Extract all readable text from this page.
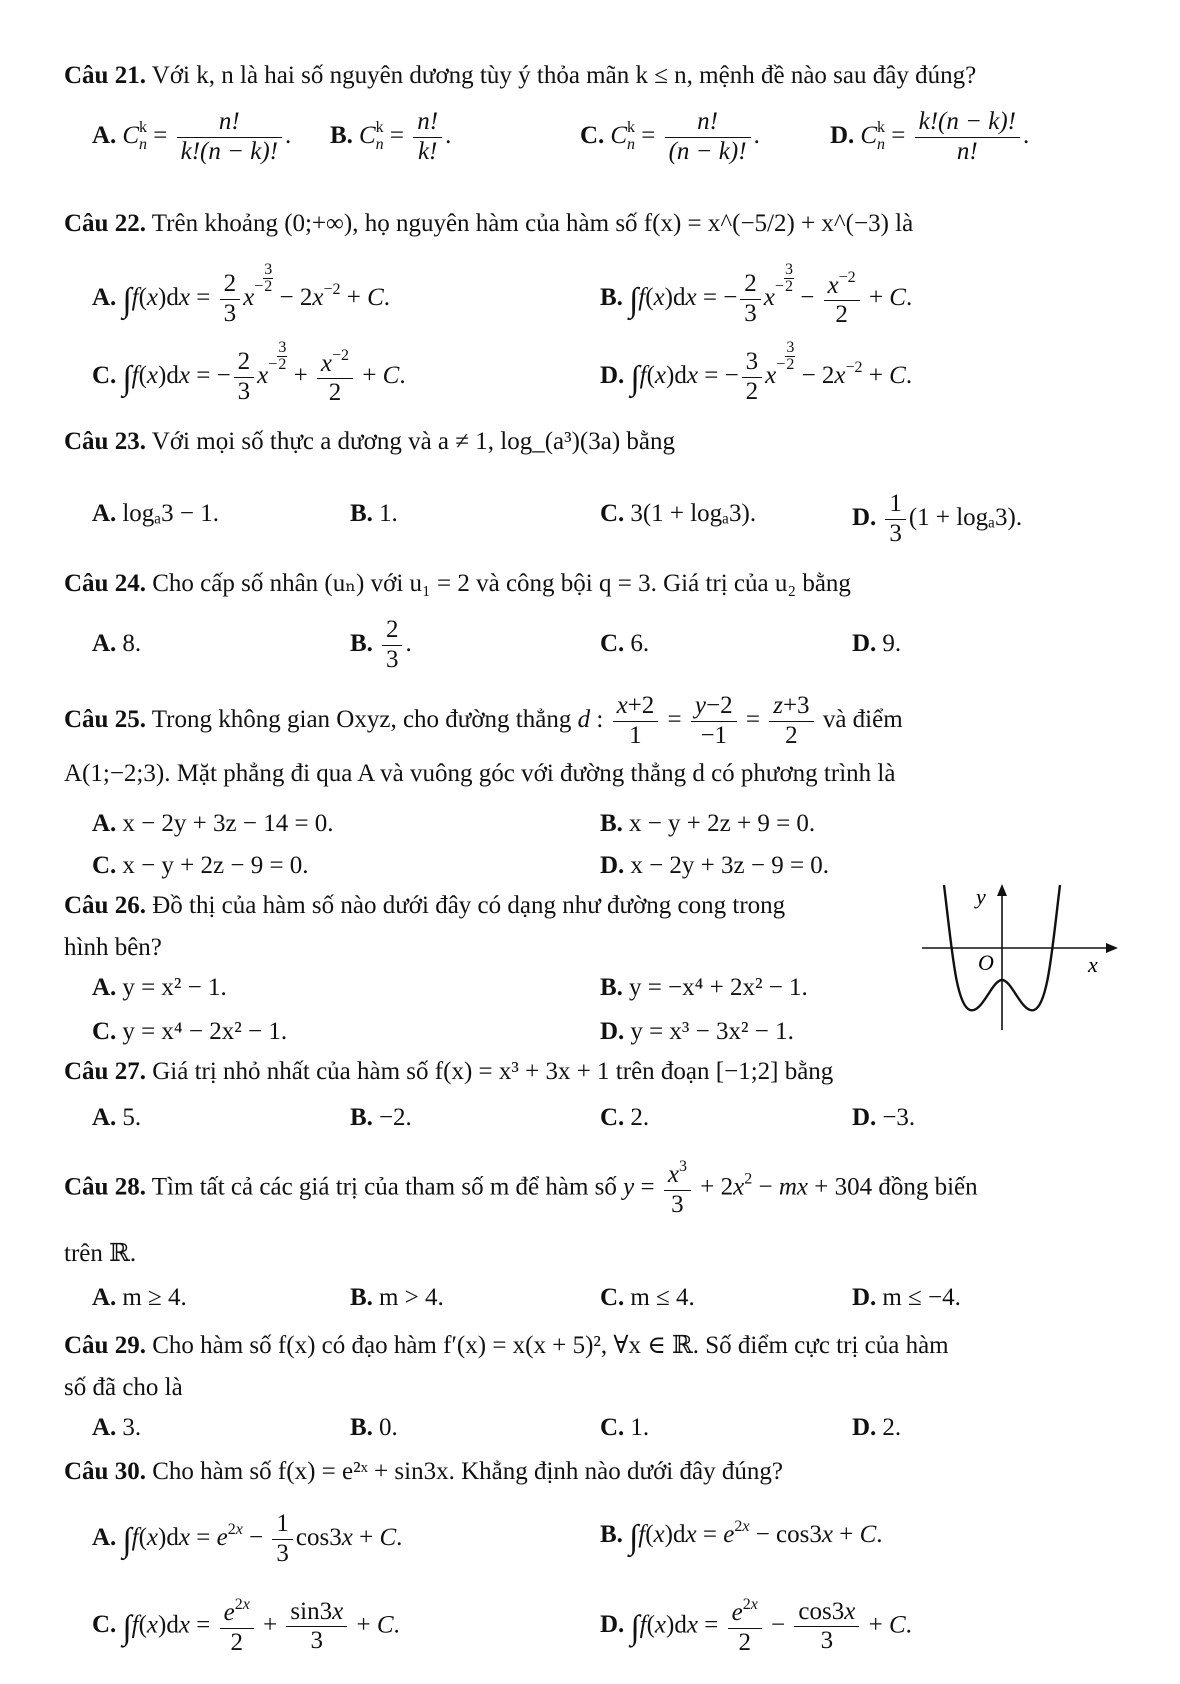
Câu 21. Với k, n là hai số nguyên dương tùy ý thỏa mãn k ≤ n, mệnh đề nào sau đây đúng?
A. $C_n^k = \frac{n!}{k!(n - k)!}$ . B. $C_n^k = \frac{n!}{k!}$ .	C. $C_n^k = \frac{n!}{(n - k)!}$ .	D. $C_n^k = \frac{k!(n - k)!}{n!}$ .
Câu 22. Trên khoảng (0;+∞), họ nguyên hàm của hàm số f(x) = x^(−5/2) + x^(−3) là
A. $\int f(x)dx = \frac{2}{3} x- \frac{3}{2}$
− $2x^{-2} + C$.	B. ∫f(x)dx = − $\frac{2}{3} x- \frac{3}{2}$
− $\frac{x^{-2}}{2} + C$.
C. ∫f(x)dx = − $\frac{2}{3} x- \frac{3}{2}$
+ $\frac{x^{-2}}{2} + C$.	D. ∫f(x)dx = − $\frac{3}{2} x- \frac{3}{2}$
− $2x^{-2} + C$.
Câu 23. Với mọi số thực a dương và a ≠ 1, log_(a³)(3a) bằng
A. logₐ3 − 1.	B. 1.	C. 3(1 + logₐ3).	D. $\frac{1}{3} (1 + \log_a3)$.
Câu 24. Cho cấp số nhân (uₙ) với u₁ = 2 và công bội q = 3. Giá trị của u₂ bằng
A. 8.	B. $\frac{2}{3}$ .	C. 6.	D. 9.
Câu 25. Trong không gian Oxyz, cho đường thẳng d : $\frac{x+2}{1} = \frac{y-2}{-1} = \frac{z+3}{2}$ và điểm
A(1;−2;3). Mặt phẳng đi qua A và vuông góc với đường thẳng d có phương trình là
A. x − 2y + 3z − 14 = 0.	B. x − y + 2z + 9 = 0.
C. x − y + 2z − 9 = 0.	D. x − 2y + 3z − 9 = 0.
Câu 26. Đồ thị của hàm số nào dưới đây có dạng như đường cong trong
hình bên?
A. y = x² − 1.	B. y = −x⁴ + 2x² − 1.
C. y = x⁴ − 2x² − 1.	D. y = x³ − 3x² − 1.
y
x
O
Câu 27. Giá trị nhỏ nhất của hàm số f(x) = x³ + 3x + 1 trên đoạn [−1;2] bằng
A. 5.	B. −2.	C. 2.	D. −3.
Câu 28. Tìm tất cả các giá trị của tham số m để hàm số $y = \frac{x^3}{3} + 2x^2$ − mx + 304 đồng biến
trên ℝ.
A. m ≥ 4.	B. m > 4.	C. m ≤ 4.	D. m ≤ −4.
Câu 29. Cho hàm số f(x) có đạo hàm f′(x) = x(x + 5)², ∀x ∈ ℝ. Số điểm cực trị của hàm
số đã cho là
A. 3.	B. 0.	C. 1.	D. 2.
Câu 30. Cho hàm số f(x) = e²ˣ + sin3x. Khẳng định nào dưới đây đúng?
A. $\int f(x)dx = e^{2x} - \frac{1}{3} \cos 3x + C$.	B. $\int f(x)dx = e^{2x} - \cos 3x + C$.
C. $\int f(x)dx = \frac{e^{2x}}{2} + \frac{\sin 3x}{3} + C$.	D. $\int f(x)dx = \frac{e^{2x}}{2} - \frac{\cos 3x}{3} + C$.
